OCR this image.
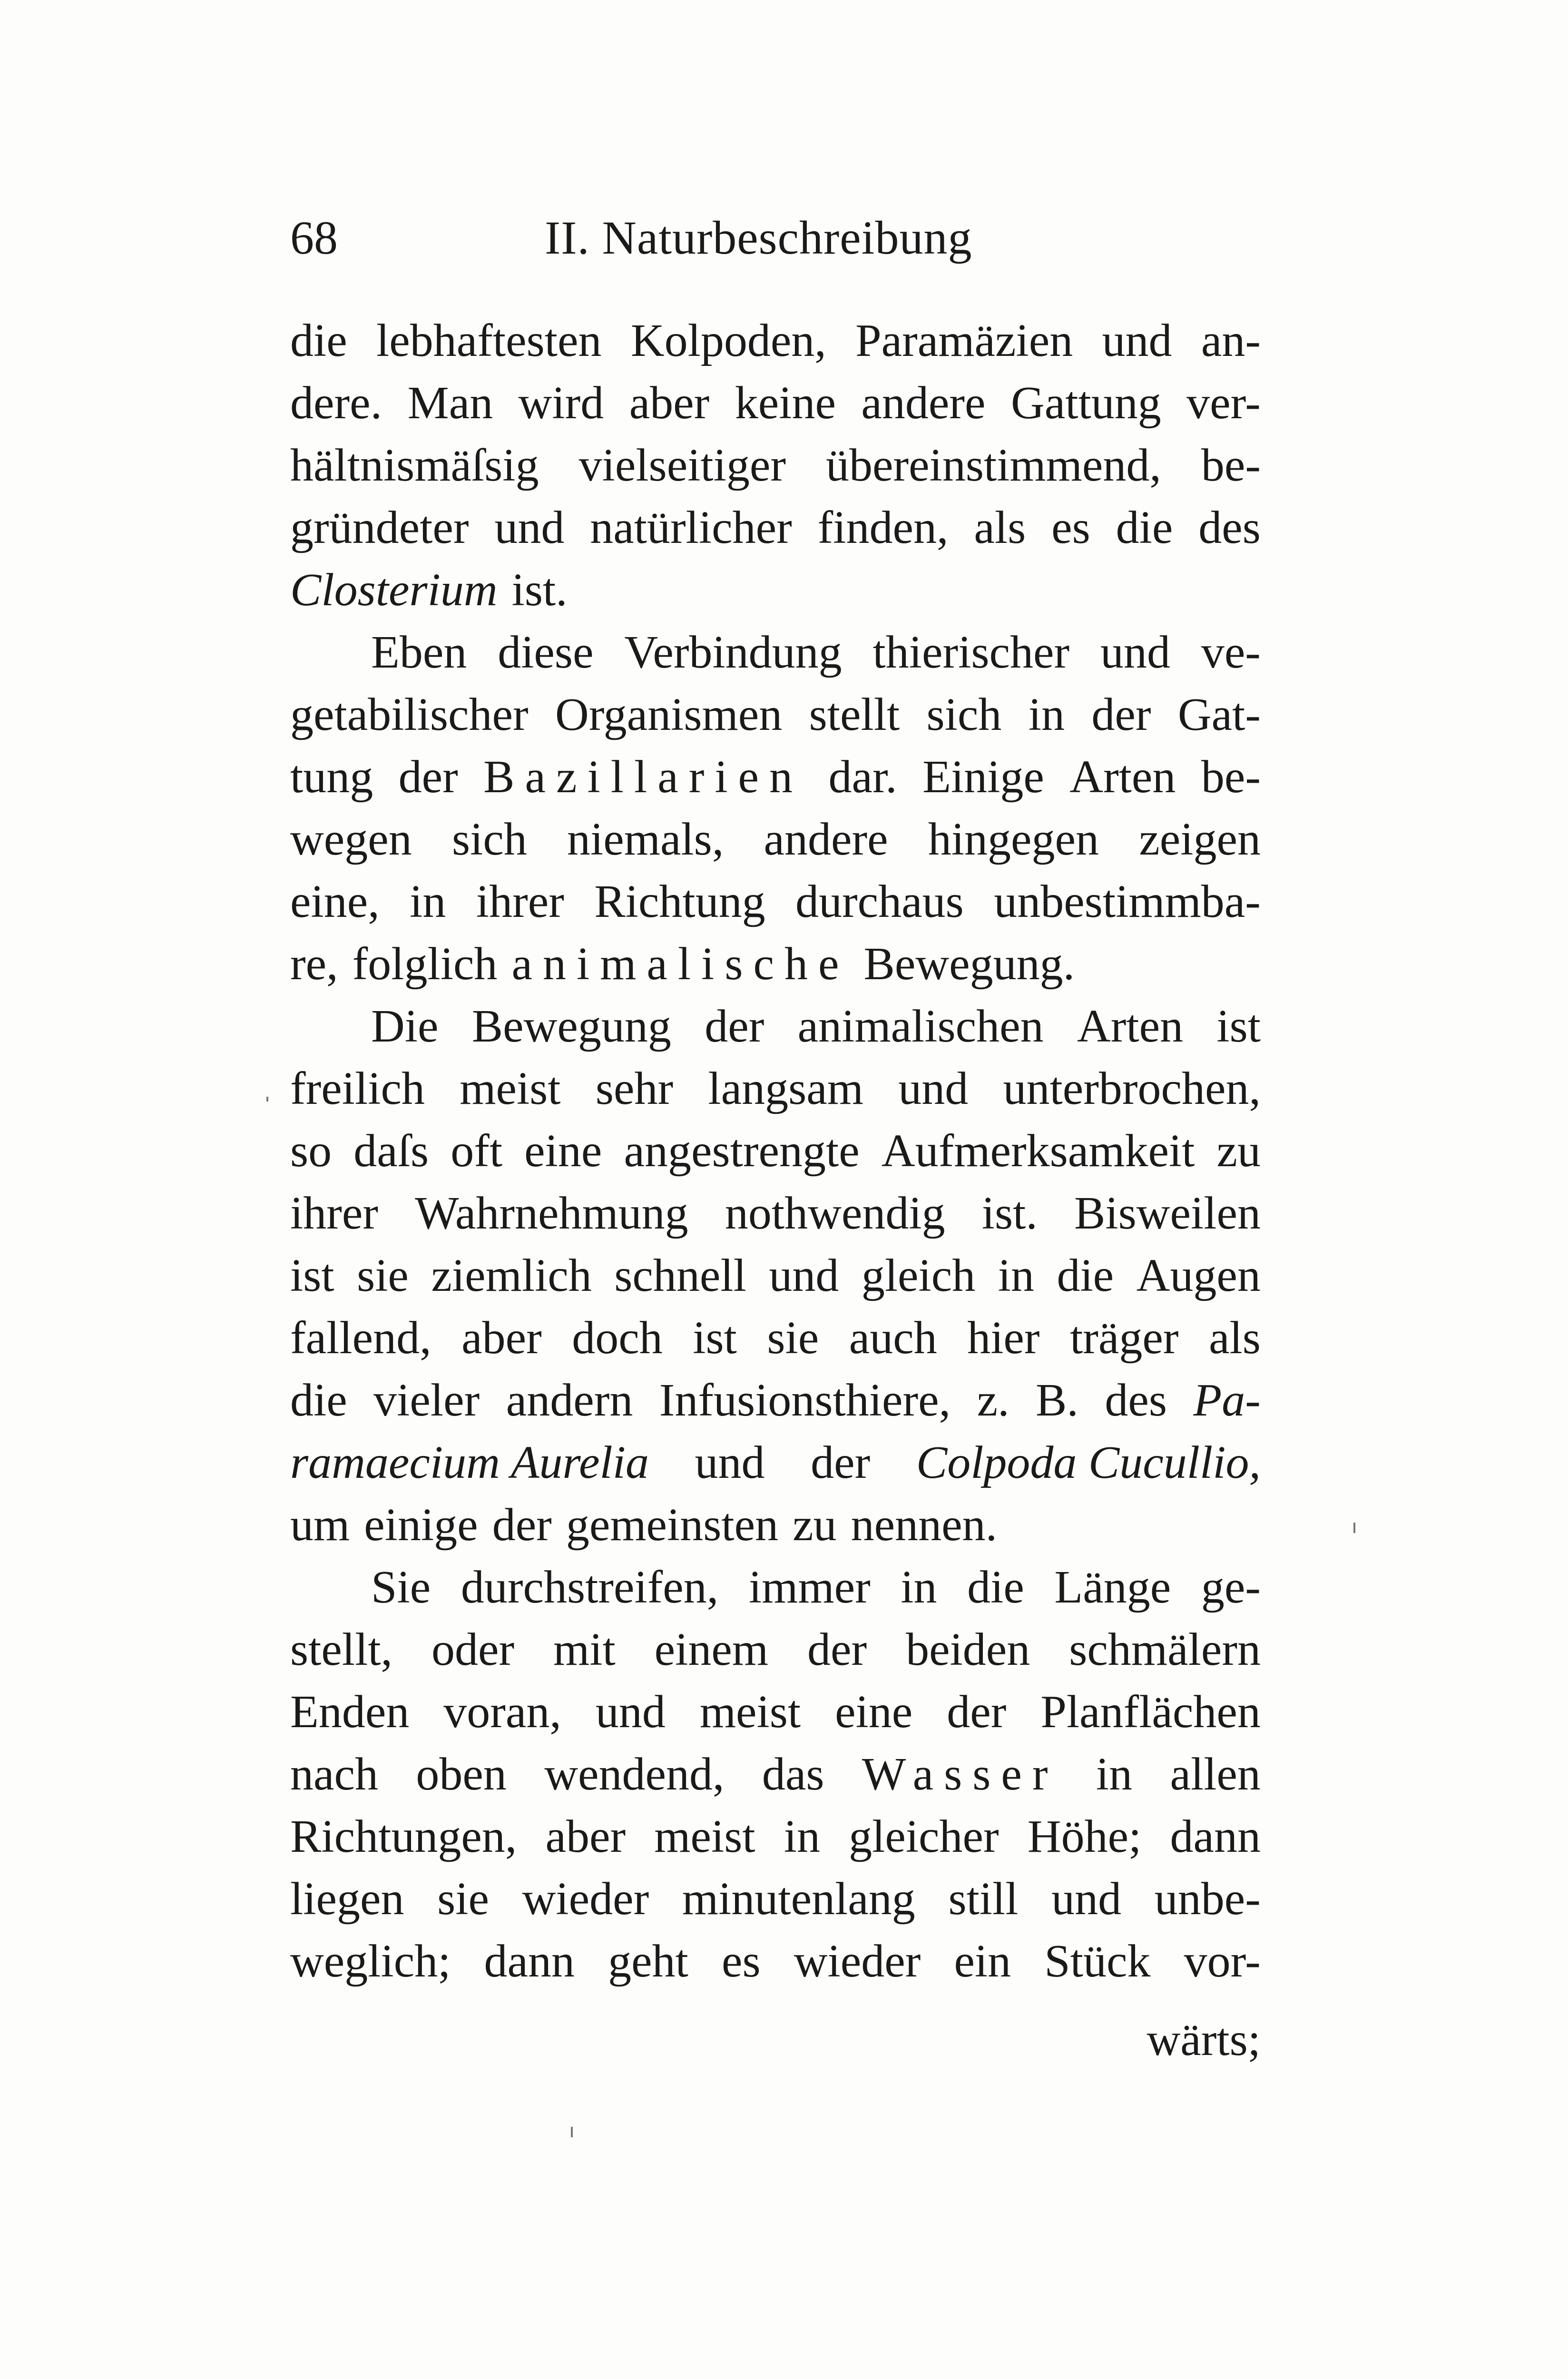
68	II. Naturbeschreibung
die lebhaftesten Kolpoden, Paramäzien und an-
dere. Man wird aber keine andere Gattung ver-
hältnismäſsig vielseitiger übereinstimmend, be-
gründeter und natürlicher finden, als es die des
Closterium ist.
Eben diese Verbindung thierischer und ve-
getabilischer Organismen stellt sich in der Gat-
tung der Bazillarien dar. Einige Arten be-
wegen sich niemals, andere hingegen zeigen
eine, in ihrer Richtung durchaus unbestimmba-
re, folglich animalische Bewegung.
Die Bewegung der animalischen Arten ist
freilich meist sehr langsam und unterbrochen,
so daſs oft eine angestrengte Aufmerksamkeit zu
ihrer Wahrnehmung nothwendig ist. Bisweilen
ist sie ziemlich schnell und gleich in die Augen
fallend, aber doch ist sie auch hier träger als
die vieler andern Infusionsthiere, z. B. des Pa-
ramaecium Aurelia und der Colpoda Cucullio,
um einige der gemeinsten zu nennen.
Sie durchstreifen, immer in die Länge ge-
stellt, oder mit einem der beiden schmälern
Enden voran, und meist eine der Planflächen
nach oben wendend, das Wasser in allen
Richtungen, aber meist in gleicher Höhe; dann
liegen sie wieder minutenlang still und unbe-
weglich; dann geht es wieder ein Stück vor-
wärts;
